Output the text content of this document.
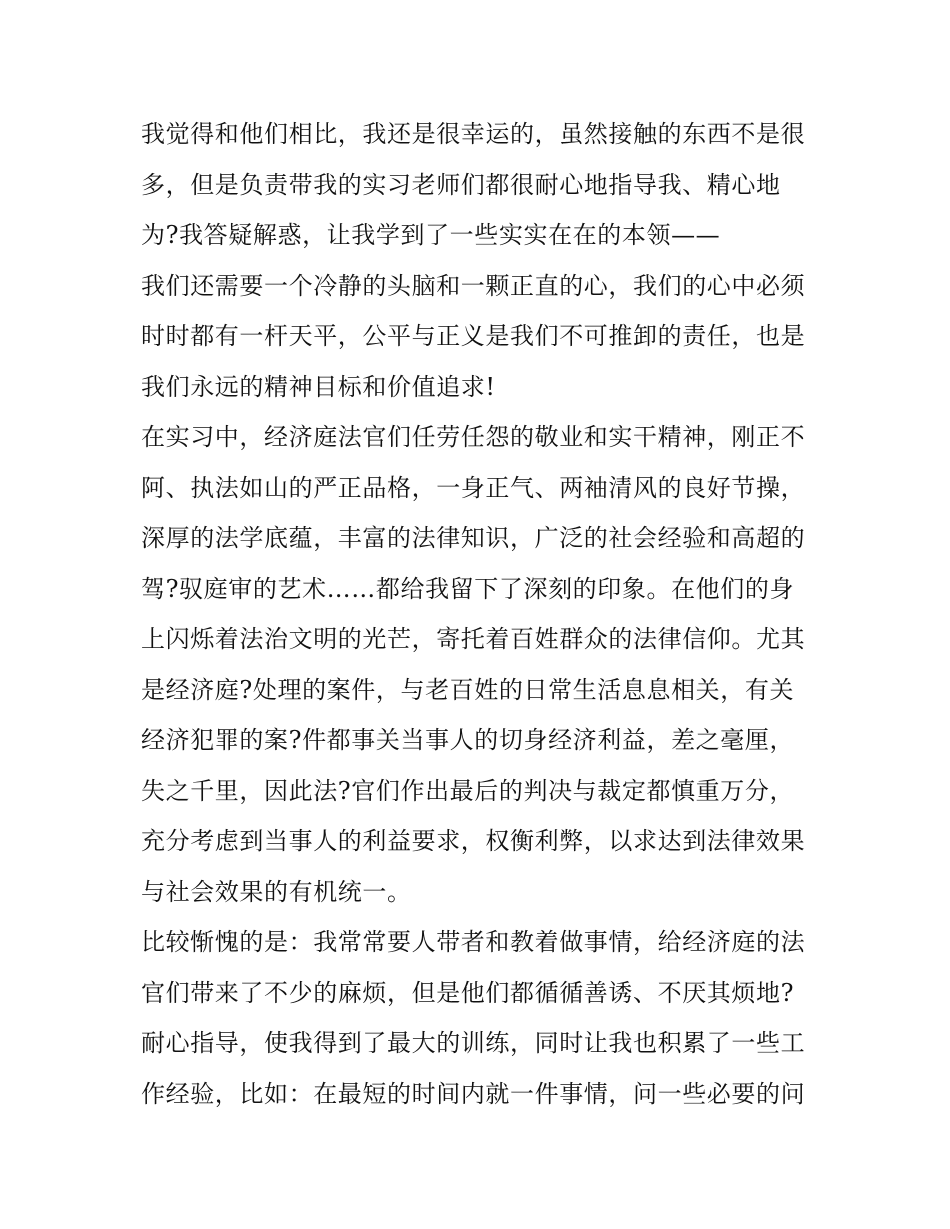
我觉得和他们相比，我还是很幸运的，虽然接触的东西不是很
多，但是负责带我的实习老师们都很耐心地指导我、精心地
为?我答疑解惑，让我学到了一些实实在在的本领——
我们还需要一个冷静的头脑和一颗正直的心，我们的心中必须
时时都有一杆天平，公平与正义是我们不可推卸的责任，也是
我们永远的精神目标和价值追求!
在实习中，经济庭法官们任劳任怨的敬业和实干精神，刚正不
阿、执法如山的严正品格，一身正气、两袖清风的良好节操，
深厚的法学底蕴，丰富的法律知识，广泛的社会经验和高超的
驾?驭庭审的艺术……都给我留下了深刻的印象。在他们的身
上闪烁着法治文明的光芒，寄托着百姓群众的法律信仰。尤其
是经济庭?处理的案件，与老百姓的日常生活息息相关，有关
经济犯罪的案?件都事关当事人的切身经济利益，差之毫厘，
失之千里，因此法?官们作出最后的判决与裁定都慎重万分，
充分考虑到当事人的利益要求，权衡利弊，以求达到法律效果
与社会效果的有机统一。
比较惭愧的是：我常常要人带者和教着做事情，给经济庭的法
官们带来了不少的麻烦，但是他们都循循善诱、不厌其烦地?
耐心指导，使我得到了最大的训练，同时让我也积累了一些工
作经验，比如：在最短的时间内就一件事情，问一些必要的问
